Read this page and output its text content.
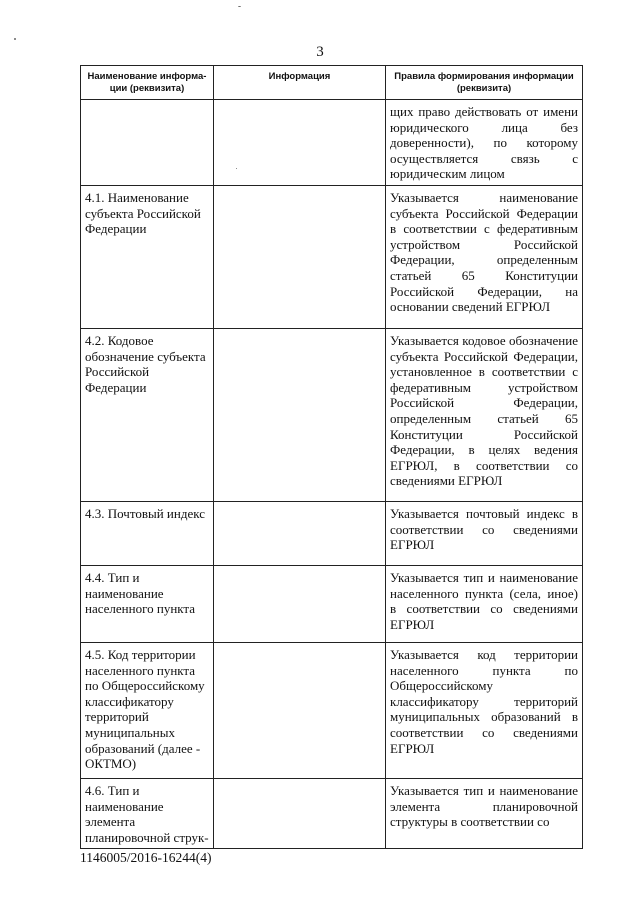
3
Наименование информа-ции (реквизита)	Информация	Правила формирования информации (реквизита)
		щих право действовать от имени юридического лица без доверенности), по которому осуществляется связь с юридическим лицом
4.1. Наименование субъекта Российской Федерации		Указывается наименование субъекта Российской Федерации в соответствии с федеративным устройством Российской Федерации, определенным статьей 65 Конституции Российской Федерации, на основании сведений ЕГРЮЛ
4.2. Кодовое обозначение субъекта Российской Федерации		Указывается кодовое обозначение субъекта Российской Федерации, установленное в соответствии с федеративным устройством Российской Федерации, определенным статьей 65 Конституции Российской Федерации, в целях ведения ЕГРЮЛ, в соответствии со сведениями ЕГРЮЛ
4.3. Почтовый индекс		Указывается почтовый индекс в соответствии со сведениями ЕГРЮЛ
4.4. Тип и наименование населенного пункта		Указывается тип и наименование населенного пункта (села, иное) в соответствии со сведениями ЕГРЮЛ
4.5. Код территории населенного пункта по Общероссийскому классификатору территорий муниципальных образований (далее - ОКТМО)		Указывается код территории населенного пункта по Общероссийскому классификатору территорий муниципальных образований в соответствии со сведениями ЕГРЮЛ
4.6. Тип и наименование элемента планировочной струк-		Указывается тип и наименование элемента планировочной структуры в соответствии со
1146005/2016-16244(4)
